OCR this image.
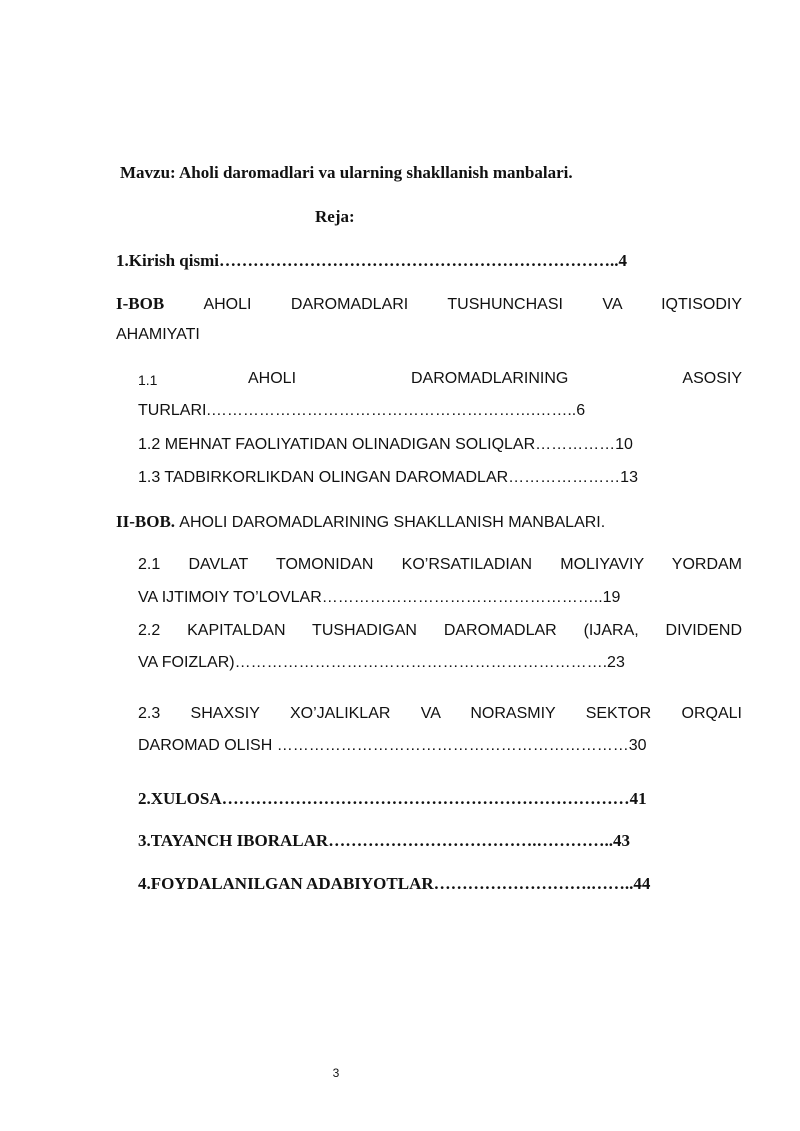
Mavzu: Aholi daromadlari va ularning shakllanish manbalari.
Reja:
1.Kirish qismi……………………………………………………………..4
I-BOB AHOLI DAROMADLARI TUSHUNCHASI VA IQTISODIY
AHAMIYATI
1.1	AHOLI DAROMADLARINING ASOSIY
TURLARI.…………………………………………………….……..6
1.2 MEHNAT FAOLIYATIDAN OLINADIGAN SOLIQLAR……………10
1.3 TADBIRKORLIKDAN OLINGAN DAROMADLAR…………………13
II-BOB. AHOLI DAROMADLARINING SHAKLLANISH MANBALARI.
2.1 DAVLAT TOMONIDAN KO’RSATILADIAN MOLIYAVIY YORDAM
VA IJTIMOIY TO’LOVLAR……………………………………………..19
2.2 KAPITALDAN TUSHADIGAN DAROMADLAR (IJARA, DIVIDEND
VA FOIZLAR)…………………………………………………………….23
2.3 SHAXSIY XO’JALIKLAR VA NORASMIY SEKTOR ORQALI
DAROMAD OLISH …………………………………………………………30
2.XULOSA………………………………………………………………41
3.TAYANCH IBORALAR……………………………….…………..43
4.FOYDALANILGAN ADABIYOTLAR……………………….……..44
3
